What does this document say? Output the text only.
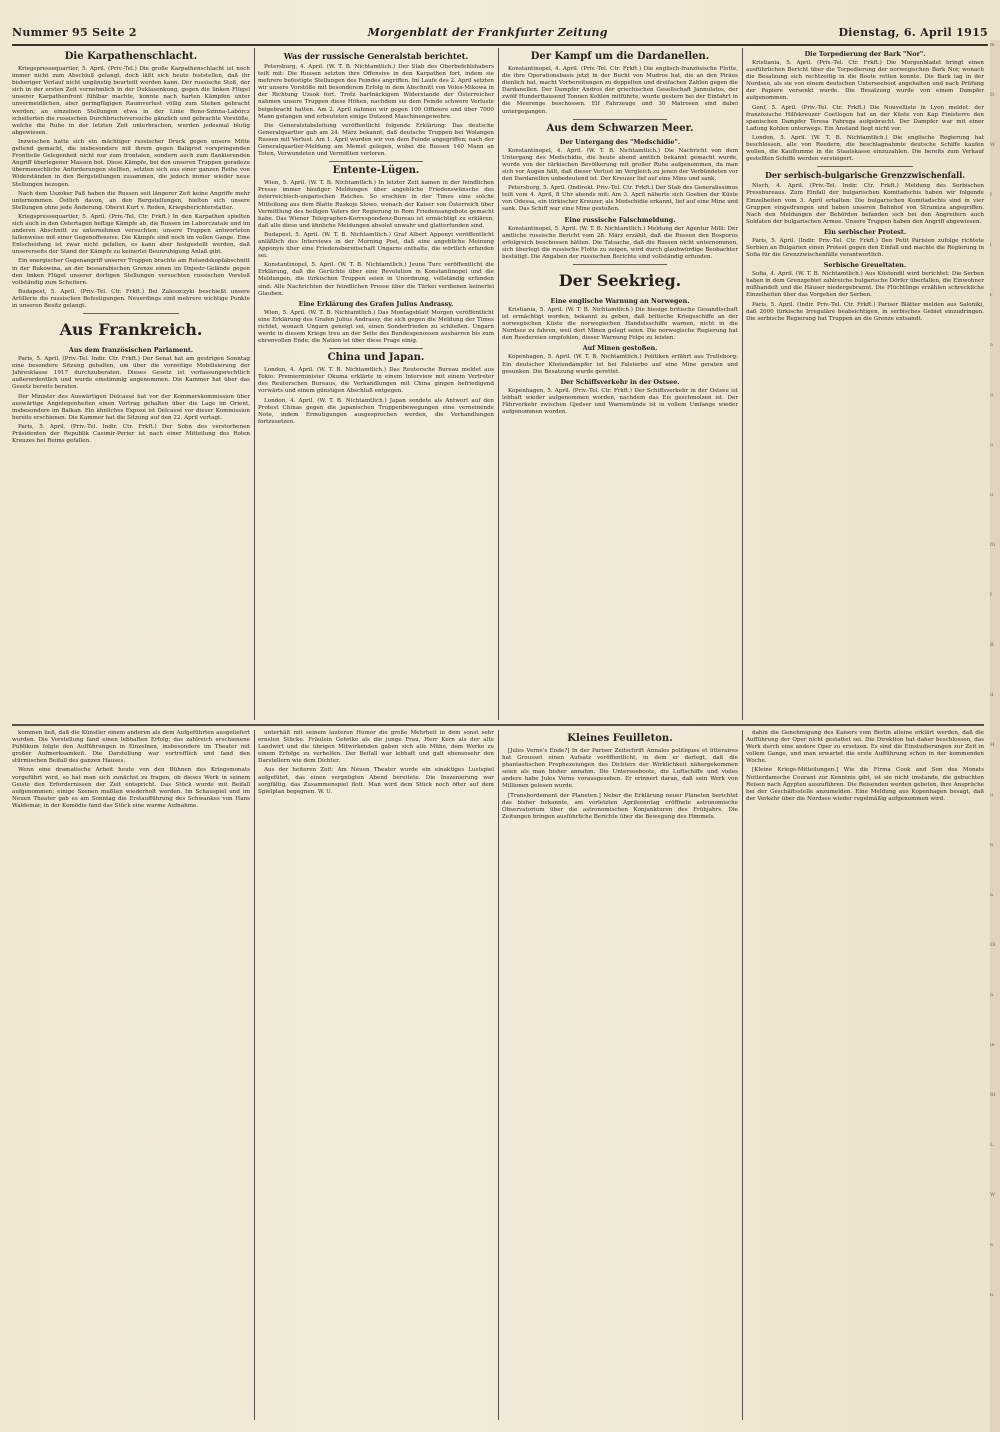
Nummer 95 Seite 2	Morgenblatt der Frankfurter Zeitung	Dienstag, 6. April 1915

Die Karpathenschlacht.

Kriegspressequartier, 5. April. (Priv.-Tel.) Die große Karpathenschlacht ist noch immer nicht zum Abschluß gelangt, doch läßt sich heute feststellen, daß ihr bisheriger Verlauf nicht ungünstig beurteilt werden kann. Der russische Stoß, der sich in der ersten Zeit vornehmlich in der Duklasenkung, gegen die linken Flügel unserer Karpathenfront fühlbar machte, konnte nach harten Kämpfen unter unvermeidlichen, aber geringfügigen Raumverlust völlig zum Stehen gebracht werden; an einzelnen Stellungen etwa in der Linie Bono-Szinna-Labórcz scheiterten die russischen Durchbruchsversuche gänzlich und gebrachte Vorstöße, welche die Ruhe in der letzten Zeit unterbrachen, wurden jedesmal blutig abgewiesen.

Inzwischen hatte sich ein mächtiger russischer Druck gegen unsere Mitte geltend gemacht, die insbesondere mit ihrem gegen Baligrod vorspringenden Frontteile Gelegenheit nicht nur zum frontalen, sondern auch zum flankierenden Angriff überlegener Massen bot. Diese Kämpfe, bei den unseren Truppen geradezu übermenschliche Anforderungen stellten, setzten sich aus einer ganzen Reihe von Widerständen in den Bergstellungen zusammen, die jedoch immer wieder neue Stellungen bezogen.

Nach dem Uszoker Paß haben die Russen seit längerer Zeit keine Angriffe mehr unternommen. Östlich davon, an den Bergstellungen, hielten sich unsere Stellungen ohne jede Änderung. Oberst Kurt v. Reden, Kriegsberichterstatter.

Kriegspressequartier, 5. April. (Priv.-Tel. Ctr. Frkft.) In den Karpathen spielten sich auch in den Ostertagen heftige Kämpfe ab, die Russen im Laborczatale und im anderen Abschnitt zu unternehmen versuchten; unsere Truppen antworteten fallenweise mit einer Gegenoffensive. Die Kämpfe sind noch im vollen Gange. Eine Entscheidung ist zwar nicht gefallen, es kann aber festgestellt werden, daß unsererseits der Stand der Kämpfe zu keinerlei Beunruhigung Anlaß gibt.

Ein energischer Gegenangriff unserer Truppen brachte am Rolandskopfabschnitt in der Bukowina, an der bessarabischen Grenze einen im Dnjestr-Gelände gegen den linken Flügel unserer dortigen Stellungen versuchten russischen Vorstoß vollständig zum Scheitern.

Budapest, 5. April. (Priv.-Tel. Ctr. Frkft.) Bei Zaleszczyki beschießt unsere Artillerie die russischen Befestigungen. Neuerdings sind mehrere wichtige Punkte in unseren Besitz gelangt.

Aus Frankreich.

Aus dem französischen Parlament.

Paris, 5. April. (Priv.-Tel. Indir. Ctr. Frkft.) Der Senat hat am gestrigen Sonntag eine besondere Sitzung gehalten, um über die vorzeitige Mobilisierung der Jahresklasse 1917 durchzuberaten. Dieses Gesetz ist verfassungsrechtlich außerordentlich und wurde einstimmig angenommen. Die Kammer hat über das Gesetz bereits beraten.

Der Minister des Auswärtigen Delcassé hat vor der Kommerskommission über auswärtige Angelegenheiten einen Vortrag gehalten über die Lage im Orient, insbesondere im Balkan. Ein ähnliches Exposé ist Delcassé vor dieser Kommission bereits erschienen. Die Kammer hat die Sitzung auf den 22. April vertagt.

Paris, 5. April. (Priv.-Tel. Indir. Ctr. Frkft.) Der Sohn des verstorbenen Präsidenten der Republik Casimir-Perier ist nach einer Mitteilung des Roten Kreuzes bei Reims gefallen.

Was der russische Generalstab berichtet.

Petersburg, 4. April. (W. T. B. Nichtamtlich.) Der Stab des Oberbefehlshabers teilt mit: Die Russen setzten ihre Offensive in den Karpathen fort, indem sie mehrere befestigte Stellungen des Feindes angriffen. Im Laufe des 2. April setzten wir unsere Vorstöße mit besonderem Erfolg in dem Abschnitt von Volos-Mikowa in der Richtung Uzsok fort. Trotz hartnäckigem Widerstande der Österreicher nahmen unsere Truppen diese Höhen, nachdem sie dem Feinde schwere Verluste beigebracht hatten. Am 2. April nahmen wir gegen 100 Offiziere und über 7000 Mann gefangen und erbeuteten einige Dutzend Maschinengewehre.

Die Generalstabsleitung veröffentlicht folgende Erklärung: Das deutsche Generalquartier gab am 24. März bekannt, daß deutsche Truppen bei Wolangen Russen mit Verlust. Am 1. April wurden wir von dem Feinde angegriffen; nach der Generalquartier-Meldung am Memel gelegen, wobei die Russen 140 Mann an Toten, Verwundeten und Vermißten verloren.

Entente-Lügen.

Wien, 5. April. (W. T. B. Nichtamtlich.) In letzter Zeit kamen in der feindlichen Presse immer häufiger Meldungen über angebliche Friedenswünsche des österreichisch-ungarischen Reiches. So erschien in der Times eine solche Mitteilung aus dem Blatte Ruskoje Slowo, wonach der Kaiser von Österreich über Vermittlung des heiligen Vaters der Regierung in Rom Friedensangebote gemacht habe. Das Wiener Telegraphen-Korrespondenz-Bureau ist ermächtigt zu erklären, daß alle diese und ähnliche Meldungen absolut unwahr und glatterfunden sind.

Budapest, 5. April. (W. T. B. Nichtamtlich.) Graf Albert Apponyi veröffentlicht anläßlich des Interviews in der Morning Post, daß eine angebliche Meinung Apponyis über eine Friedensbereitschaft Ungarns enthalte, die wörtlich erfunden sei.

Konstantinopel, 5. April. (W. T. B. Nichtamtlich.) Jeune Turc veröffentlicht die Erklärung, daß die Gerüchte über eine Revolution in Konstantinopel und die Meldungen, die türkischen Truppen seien in Unordnung, vollständig erfunden sind. Alle Nachrichten der feindlichen Presse über die Türkei verdienen keinerlei Glauben.

Eine Erklärung des Grafen Julius Andrassy.

Wien, 5. April. (W. T. B. Nichtamtlich.) Das Montagsblatt Morgen veröffentlicht eine Erklärung des Grafen Julius Andrassy, die sich gegen die Meldung der Times richtet, wonach Ungarn geneigt sei, einen Sonderfrieden zu schließen. Ungarn werde in diesem Kriege treu an der Seite des Bundesgenossen ausharren bis zum ehrenvollen Ende; die Nation ist über diese Frage einig.

China und Japan.

London, 4. April. (W. T. B. Nichtamtlich.) Das Reutersche Bureau meldet aus Tokio: Premierminister Okuma erklärte in einem Interview mit einem Vertreter des Reuterschen Bureaus, die Verhandlungen mit China gingen befriedigend vorwärts und einem günstigen Abschluß entgegen.

London, 4. April. (W. T. B. Nichtamtlich.) Japan sendete als Antwort auf den Protest Chinas gegen die japanischen Truppenbewegungen eine verneinende Note, indem Ermutigungen ausgesprochen werden, die Verhandlungen fortzusetzen.

Der Kampf um die Dardanellen.

Konstantinopel, 4. April. (Priv.-Tel. Ctr. Frkft.) Die englisch-französische Flotte, die ihre Operationsbasis jetzt in der Bucht von Mudros hat, die an den Piräus dienlich hat, macht Vorbereitungen zu doppelten und dreifachen Zahlen gegen die Dardanellen. Der Dampfer Andros der griechischen Gesellschaft Jannulatos, der zwölf Hunderttausend Tonnen Kohlen mitführte, wurde gestern bei der Einfahrt in die Meerenge beschossen. Elf Fahrzeuge und 30 Matrosen sind dabei untergegangen.

Aus dem Schwarzen Meer.

Der Untergang des "Medschidie".

Konstantinopel, 4. April. (W. T. B. Nichtamtlich.) Die Nachricht von dem Untergang des Medschidie, die heute abend amtlich bekannt gemacht wurde, wurde von der türkischen Bevölkerung mit großer Ruhe aufgenommen, da man sich vor Augen hält, daß dieser Verlust im Vergleich zu jenen der Verbündeten vor den Dardanellen unbedeutend ist. Der Kreuzer lief auf eine Mine und sank.

Petersburg, 5. April. (Indirekt. Priv.-Tel. Ctr. Frkft.) Der Stab des Generalissimus teilt vom 4. April, 8 Uhr abends mit: Am 3. April näherte sich Goeben der Küste von Odessa, ein türkischer Kreuzer, als Medschidie erkannt, lief auf eine Mine und sank. Das Schiff war eine Mine gestoßen.

Eine russische Falschmeldung.

Konstantinopel, 5. April. (W. T. B. Nichtamtlich.) Meldung der Agentur Milli: Der amtliche russische Bericht vom 28. März erzählt, daß die Russen den Bosporus erfolgreich beschossen hätten. Die Tatsache, daß die Russen nicht unternommen, sich überlegt die russische Flotte zu zeigen, wird durch glaubwürdige Beobachter bestätigt. Die Angaben der russischen Berichte sind vollständig erfunden.

Der Seekrieg.

Eine englische Warnung an Norwegen.

Kristiania, 5. April. (W. T. B. Nichtamtlich.) Die hiesige britische Gesandtschaft ist ermächtigt worden, bekannt zu geben, daß britische Kriegsschiffe an der norwegischen Küste die norwegischen Handelsschiffe warnen, nicht in die Nordsee zu fahren, weil dort Minen gelegt seien. Die norwegische Regierung hat den Reedereien empfohlen, dieser Warnung Folge zu leisten.

Auf Minen gestoßen.

Kopenhagen, 5. April. (W. T. B. Nichtamtlich.) Politiken erfährt aus Trelleborg: Ein deutscher Küstendampfer ist bei Falsterbo auf eine Mine geraten und gesunken. Die Besatzung wurde gerettet.

Der Schiffsverkehr in der Ostsee.

Kopenhagen, 5. April. (Priv.-Tel. Ctr. Frkft.) Der Schiffsverkehr in der Ostsee ist lebhaft wieder aufgenommen worden, nachdem das Eis geschmolzen ist. Der Fährverkehr zwischen Gjedser und Warnemünde ist in vollem Umfange wieder aufgenommen worden.

Die Torpedierung der Bark "Nor".

Kristiania, 5. April. (Priv.-Tel. Ctr. Frkft.) Die Morgenbladet bringt einen ausführlichen Bericht über die Torpedierung der norwegischen Bark Nor, wonach die Besatzung sich rechtzeitig in die Boote retten konnte. Die Bark lag in der Nordsee, als sie von einem deutschen Unterseeboot angehalten und nach Prüfung der Papiere versenkt wurde. Die Besatzung wurde von einem Dampfer aufgenommen.

Genf, 5. April. (Priv.-Tel. Ctr. Frkft.) Die Nouvelliste in Lyon meldet: der französische Hilfskreuzer Coetlogon hat an der Küste von Kap Finisterre den spanischen Dampfer Teresa Fabrega aufgebracht. Der Dampfer war mit einer Ladung Kohlen unterwegs. Ein Anstand liegt nicht vor.

London, 5. April. (W. T. B. Nichtamtlich.) Die englische Regierung hat beschlossen, alle von Reedern, die beschlagnahmte deutsche Schiffe kaufen wollen, die Kauflumme in die Staatskasse einzuzahlen. Die bereits zum Verkauf gestellten Schiffe werden versteigert.

Der serbisch-bulgarische Grenzzwischenfall.

Nisch, 4. April. (Priv.-Tel. Indir. Ctr. Frkft.) Meldung des Serbischen Pressbureaus. Zum Einfall der bulgarischen Komitadschis haben wir folgende Einzelheiten vom 3. April erhalten: Die bulgarischen Komitadschis sind in vier Gruppen eingedrungen und haben unseren Bahnhof von Strumiza angegriffen. Nach den Meldungen der Behörden befanden sich bei den Angreifern auch Soldaten der bulgarischen Armee. Unsere Truppen haben den Angriff abgewiesen.

Ein serbischer Protest.

Paris, 5. April. (Indir. Priv.-Tel. Ctr. Frkft.) Den Petit Parisien zufolge richtete Serbien an Bulgarien einen Protest gegen den Einfall und machte die Regierung in Sofia für die Grenzzwischenfälle verantwortlich.

Serbische Greueltaten.

Sofia, 4. April. (W. T. B. Nichtamtlich.) Aus Küstendil wird berichtet: Die Serben haben in dem Grenzgebiet zahlreiche bulgarische Dörfer überfallen, die Einwohner mißhandelt und die Häuser niedergebrannt. Die Flüchtlinge erzählen schreckliche Einzelheiten über das Vorgehen der Serben.

Paris, 5. April. (Indir. Priv.-Tel. Ctr. Frkft.) Pariser Blätter melden aus Saloniki, daß 2000 türkische Irreguläre beabsichtigen, in serbisches Gebiet einzudringen. Die serbische Regierung hat Truppen an die Grenze entsandt.

kommen ließ, daß die Künstler einem anderen als dem Aufgeführten ausgeliefert wurden. Die Vorstellung fand einen lebhaften Erfolg; das zahlreich erschienene Publikum folgte den Aufführungen in Einzelnen, insbesondere im Theater mit großer Aufmerksamkeit. Die Darstellung war vortrefflich und fand den stürmischen Beifall des ganzen Hauses.

Wenn eine dramatische Arbeit heute von den Bühnen des Kriegsmonats vorgeführt wird, so hat man sich zunächst zu fragen, ob dieses Werk in seinem Geiste den Erfordernissen der Zeit entspricht. Das Stück wurde mit Beifall aufgenommen; einige Szenen mußten wiederholt werden. Im Schauspiel und im Neuen Theater gab es am Sonntag die Erstaufführung des Schwankes von Hans Waldemar, in der Komödie fand das Stück eine warme Aufnahme.

unterhält mit seinem lauteren Humor die große Mehrheit in dem sonst sehr ernsten Stücke. Fräulein Gehrike als die junge Frau, Herr Kern als der alte Landwirt und die übrigen Mitwirkenden gaben sich alle Mühe, dem Werke zu einem Erfolge zu verhelfen. Der Beifall war lebhaft und galt ebensosehr den Darstellern wie dem Dichter.

Aus der heiteren Zeit: Am Neuen Theater wurde ein einaktiges Lustspiel aufgeführt, das einen vergnügten Abend bereitete. Die Inszenierung war sorgfältig, das Zusammenspiel flott. Man wird dem Stück noch öfter auf dem Spielplan begegnen. W. U.

Kleines Feuilleton.

[Jules Verne's Ende?] In der Pariser Zeitschrift Annales politiques et littéraires hat Grousset einen Aufsatz veröffentlicht, in dem er darlegt, daß die phantastischen Prophezeiungen des Dichters der Wirklichkeit nähergekommen seien als man bisher annahm. Die Unterseeboote, die Luftschiffe und vieles andere habe Jules Verne vorausgesehen. Er erinnert daran, daß sein Werk von Millionen gelesen wurde.

[Transbordement der Planeten.] Neber die Erklärung neuer Planeten berichtet das bisher bekannte, am vorletzten Aprilsonntag eröffnete astronomische Observatorium über die astronomischen Konjunkturen des Frühjahrs. Die Zeitungen bringen ausführliche Berichte über die Bewegung des Himmels.

dahin die Genehmigung des Kaisers vom Berlin alleine erklärt werden, daß die Aufführung der Oper nicht gestattet sei. Die Direktion hat daher beschlossen, das Werk durch eine andere Oper zu ersetzen. Es sind die Einstudierungen zur Zeit in vollem Gange, und man erwartet die erste Aufführung schon in der kommenden Woche.

[Kleine Kriegs-Mitteilungen.] Wie die Firma Cook and Son des Monats Notterdamsche Courant zur Kenntnis gibt, ist sie nicht imstande, die gebuchten Reisen nach Ägypten auszuführen. Die Reisenden werden gebeten, ihre Ansprüche bei der Geschäftsstelle anzumelden. Eine Meldung aus Kopenhagen besagt, daß der Verkehr über die Nordsee wieder regelmäßig aufgenommen wird.

m
D
W
f
l
r
a
o
o
u
fü
f
B
d
H
u
n
a
Di
a
ie
St
L
W
e
n
